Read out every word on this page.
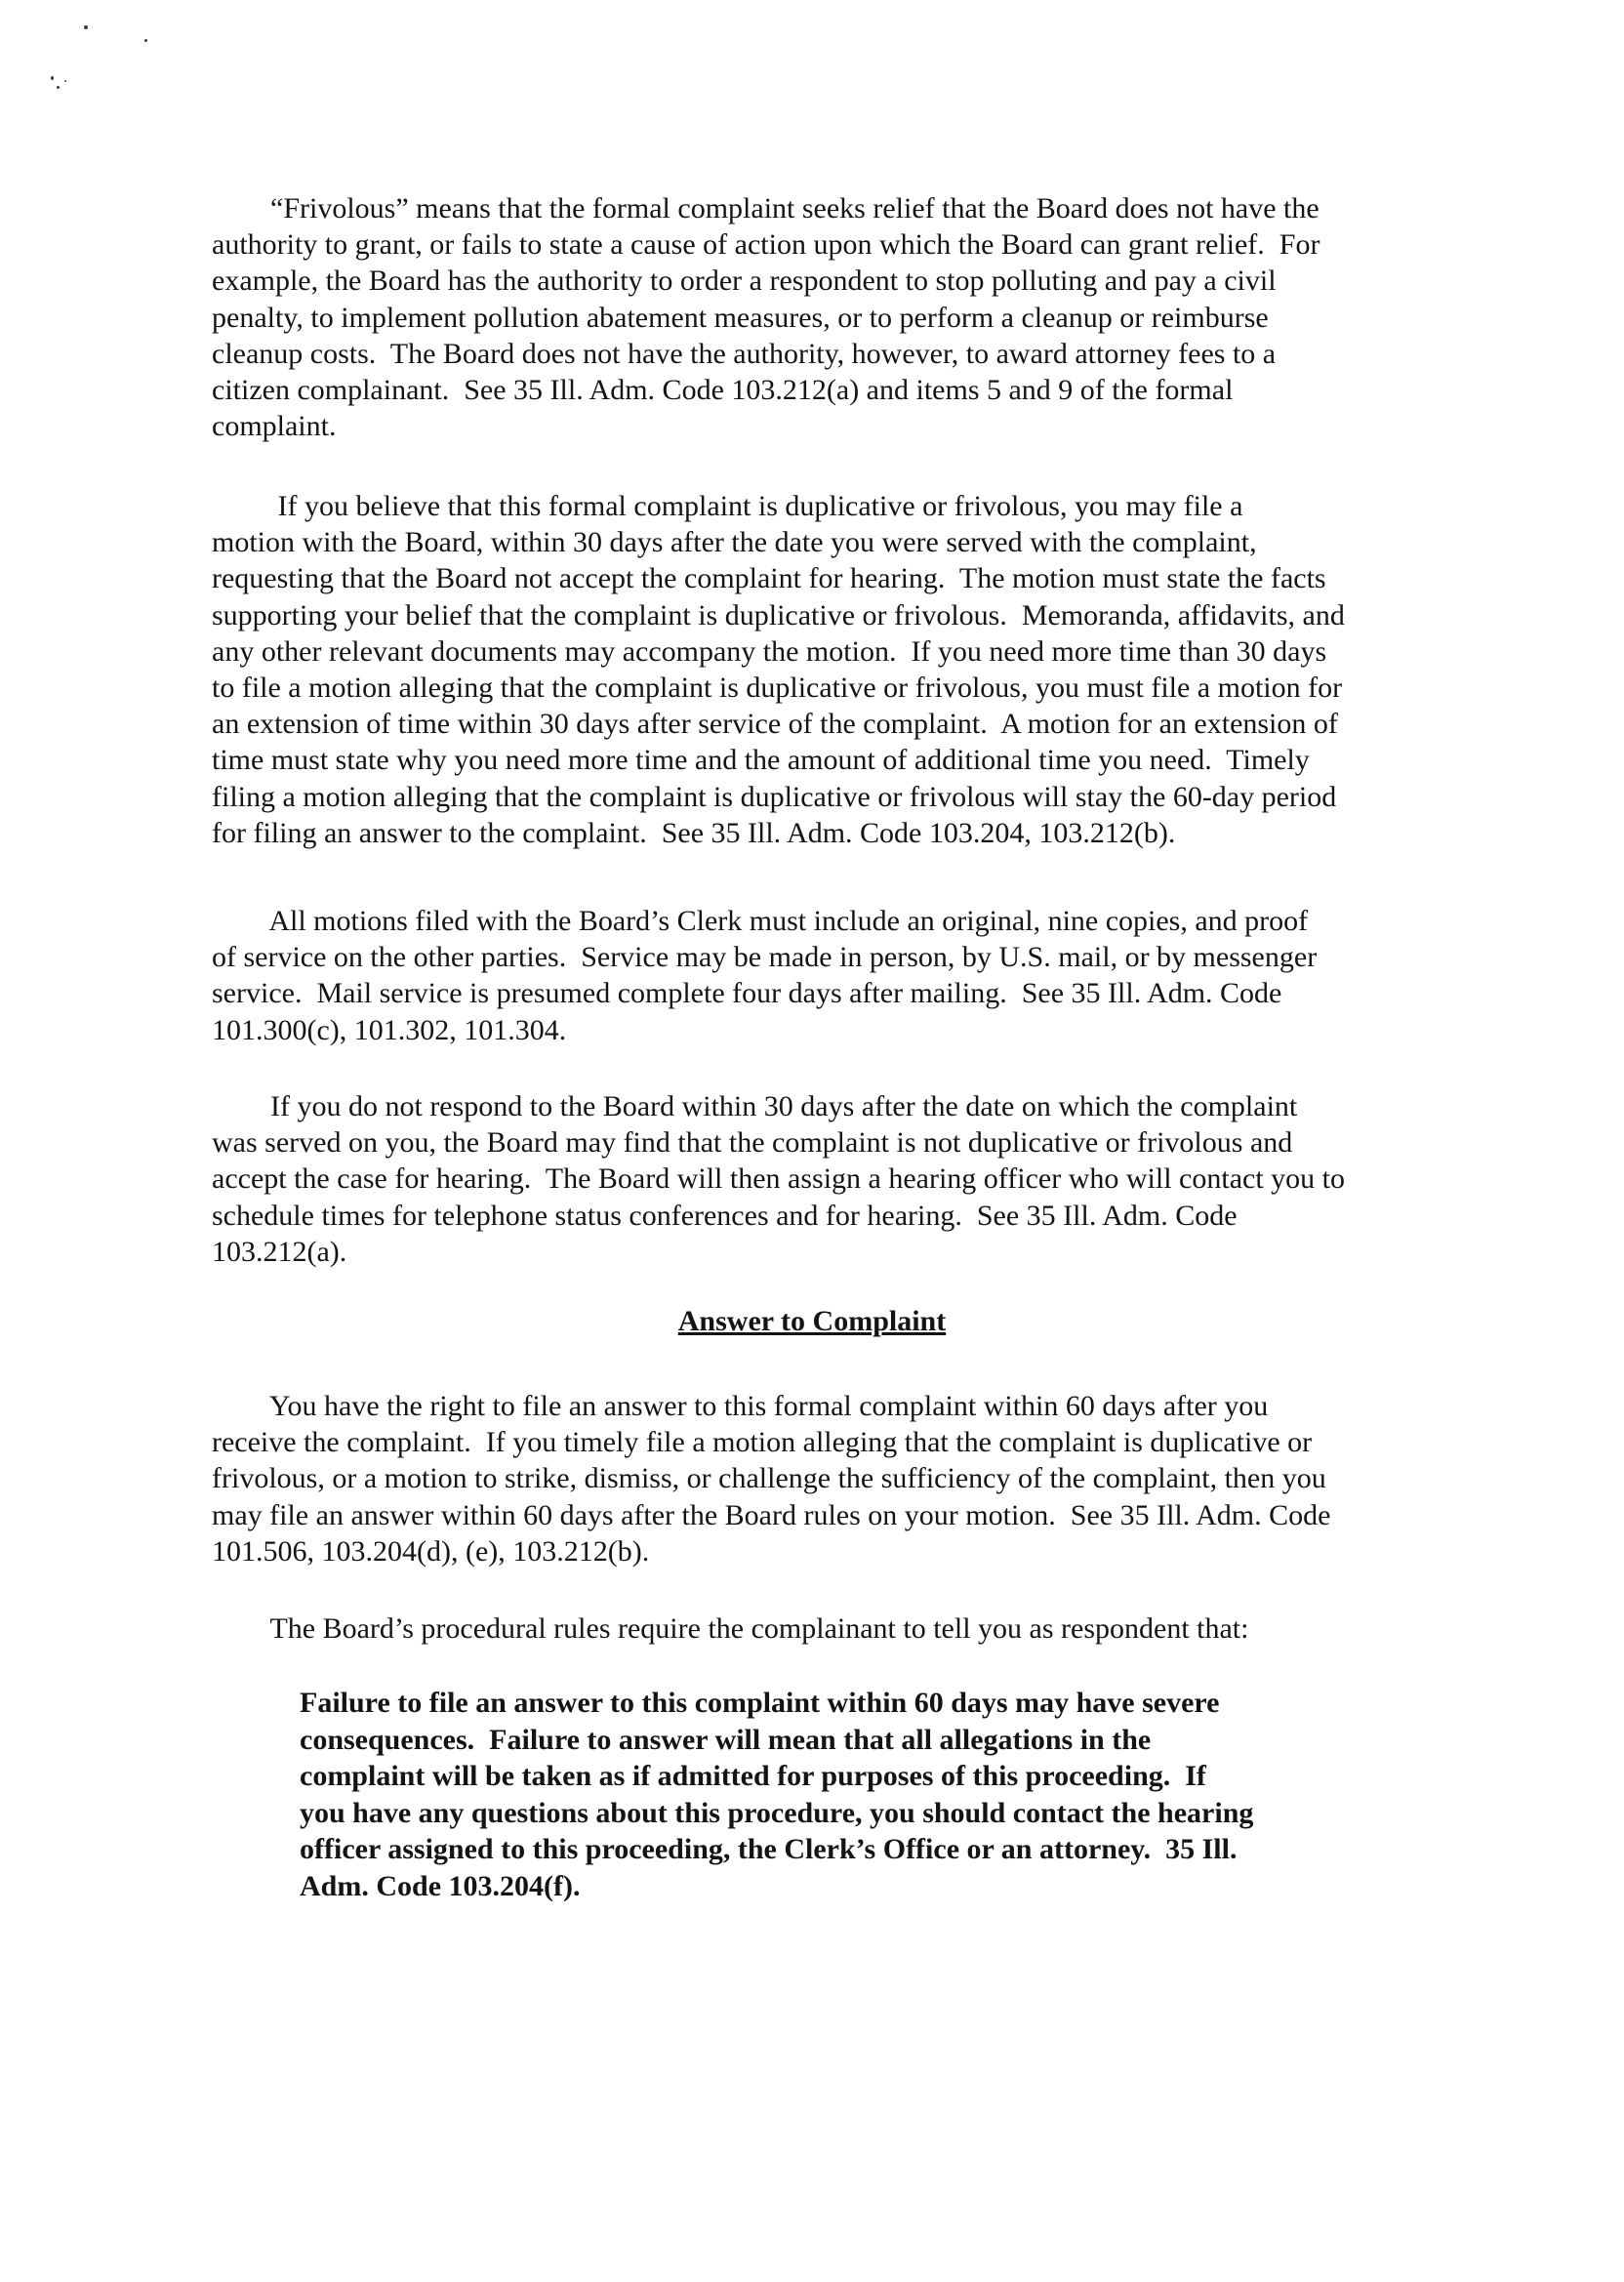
“Frivolous” means that the formal complaint seeks relief that the Board does not have the
authority to grant, or fails to state a cause of action upon which the Board can grant relief.  For
example, the Board has the authority to order a respondent to stop polluting and pay a civil
penalty, to implement pollution abatement measures, or to perform a cleanup or reimburse
cleanup costs.  The Board does not have the authority, however, to award attorney fees to a
citizen complainant.  See 35 Ill. Adm. Code 103.212(a) and items 5 and 9 of the formal
complaint.
If you believe that this formal complaint is duplicative or frivolous, you may file a
motion with the Board, within 30 days after the date you were served with the complaint,
requesting that the Board not accept the complaint for hearing.  The motion must state the facts
supporting your belief that the complaint is duplicative or frivolous.  Memoranda, affidavits, and
any other relevant documents may accompany the motion.  If you need more time than 30 days
to file a motion alleging that the complaint is duplicative or frivolous, you must file a motion for
an extension of time within 30 days after service of the complaint.  A motion for an extension of
time must state why you need more time and the amount of additional time you need.  Timely
filing a motion alleging that the complaint is duplicative or frivolous will stay the 60-day period
for filing an answer to the complaint.  See 35 Ill. Adm. Code 103.204, 103.212(b).
All motions filed with the Board’s Clerk must include an original, nine copies, and proof
of service on the other parties.  Service may be made in person, by U.S. mail, or by messenger
service.  Mail service is presumed complete four days after mailing.  See 35 Ill. Adm. Code
101.300(c), 101.302, 101.304.
If you do not respond to the Board within 30 days after the date on which the complaint
was served on you, the Board may find that the complaint is not duplicative or frivolous and
accept the case for hearing.  The Board will then assign a hearing officer who will contact you to
schedule times for telephone status conferences and for hearing.  See 35 Ill. Adm. Code
103.212(a).
Answer to Complaint
You have the right to file an answer to this formal complaint within 60 days after you
receive the complaint.  If you timely file a motion alleging that the complaint is duplicative or
frivolous, or a motion to strike, dismiss, or challenge the sufficiency of the complaint, then you
may file an answer within 60 days after the Board rules on your motion.  See 35 Ill. Adm. Code
101.506, 103.204(d), (e), 103.212(b).
The Board’s procedural rules require the complainant to tell you as respondent that:
Failure to file an answer to this complaint within 60 days may have severe
consequences.  Failure to answer will mean that all allegations in the
complaint will be taken as if admitted for purposes of this proceeding.  If
you have any questions about this procedure, you should contact the hearing
officer assigned to this proceeding, the Clerk’s Office or an attorney.  35 Ill.
Adm. Code 103.204(f).
